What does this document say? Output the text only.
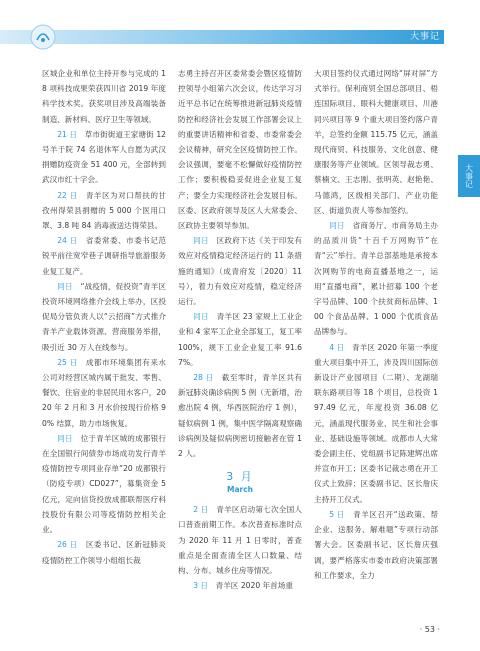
大事记
大事记

区城企业和单位主持开参与完成的 18 项科技成果荣获四川省 2019 年度科学技术奖。获奖项目涉及高端装备制造、新材料、医疗卫生等领域。

21 日　 草市街街道王家塘街 12 号羊于院 74 名退休军人自愿为武汉捐赠防疫资金 51 400 元，全部转到武汉市红十字会。

22 日　 青羊区为对口帮扶的甘孜州得荣县捐赠的 5 000 个医用口罩、3.8 吨 84 消毒液送达得荣县。

24 日　 省委常委、市委书记范锐平前往宽窄巷子调研指导旅游服务业复工复产。

同日　 “战疫情，促投资”青羊区投资环境网络推介会线上举办，区投促局分管负责人以“云招商”方式推介青羊产业载体资源、营商服务举措，吸引近 30 万人在线参与。

25 日　 成都市环境集团有来水公司对经营区城内属于批发、零售、餐饮、住宿业的非居民用水客户，2020 年 2 月和 3 月水价按现行价格 90% 结算，助力市场恢复。

同日　 位于青羊区城的成都银行在全国银行间债券市场成功发行青羊疫情防控专项同业存单“20 成都银行（防疫专项）CD027”，募集资金 5 亿元，定向信贷投放成都联帮医疗科技股份有限公司等疫情防控相关企业。

26 日　 区委书记、区新冠肺炎疫情防控工作领导小组组长裁

志勇主持召开区委常委会暨区疫情防控领导小组第六次会议，传达学习习近平总书记在统筹推进新冠肺炎疫情防控和经济社会发展工作部署会议上的重要讲话精神和省委、市委常委会会议精神，研究全区疫情防控工作。会议强调，要毫不松懈做好疫情防控工作；要积极稳妥促进企业复工复产；要全力实现经济社会发展目标。区委、区政府领导及区人大常委会、区政协主要领导参加。

同日　 区政府下达《关于印发有效应对疫情稳定经济运行的 11 条措施的通知》（成青府发〔2020〕11 号），着力有效应对疫情，稳定经济运行。

同日　 青羊区 23 家规上工业企业和 4 家军工企业全部复工，复工率 100%，规下工业企业复工率 91.67%。

28 日　 截至零时，青羊区共有新冠肺炎确诊病例 5 例（无新增，治愈出院 4 例，华西医院治疗 1 例），疑似病例 1 例，集中医学隔离观察确诊病例及疑似病例密切接触者在管 12 人。

3 月
March

2 日　 青羊区启动第七次全国人口普查前期工作。本次普查标准时点为 2020 年 11 月 1 日零时，普查重点是全面查清全区人口数量、结构、分布、城乡住房等情况。

3 日　 青羊区 2020 年首场重

大项目签约仪式通过网络“屏对屏”方式举行。保利商贸全国总部项目、梧连国际项目、眼科大健康项目、川港同兴项目等 9 个重大项目签约落户青羊，总签约金额 115.75 亿元，涵盖现代商贸、科技服务、文化创意、健康服务等产业领域。区领导裁志勇、蔡楠文、王志刚、张明英、赵艳艳、马德鸿，区级相关部门、产业功能区、街道负责人等参加签约。

同日　 省商务厅、市商务局主办的品质川货“十百千万网购节”在青“云”举行。青羊总部基地是承接本次网购节的电商直播基地之一，运用“直播电商”，累计招募 100 个老字号品牌、100 个扶贫商标品牌、100 个食品品牌、1 000 个优质食品品牌参与。

4 日　 青羊区 2020 年第一季度重大项目集中开工，涉及四川国际创新设计产业园项目（二期）、龙湖瑞联东路项目等 18 个项目，总投资 197.49 亿元，年度投资 36.08 亿元，涵盖现代服务业、民生和社会事业、基础设施等领域。成都市人大常委会副主任、党组副书记陈建辉出席并宣布开工；区委书记裁志勇在开工仪式上致辞；区委副书记、区长詹庆主持开工仪式。

5 日　 青羊区召开“送政策、帮企业、送服务、解难题”专项行动部署大会。区委副书记、区长詹庆强调，要严格落实市委市政府决策部署和工作要求，全力

· 53 ·
